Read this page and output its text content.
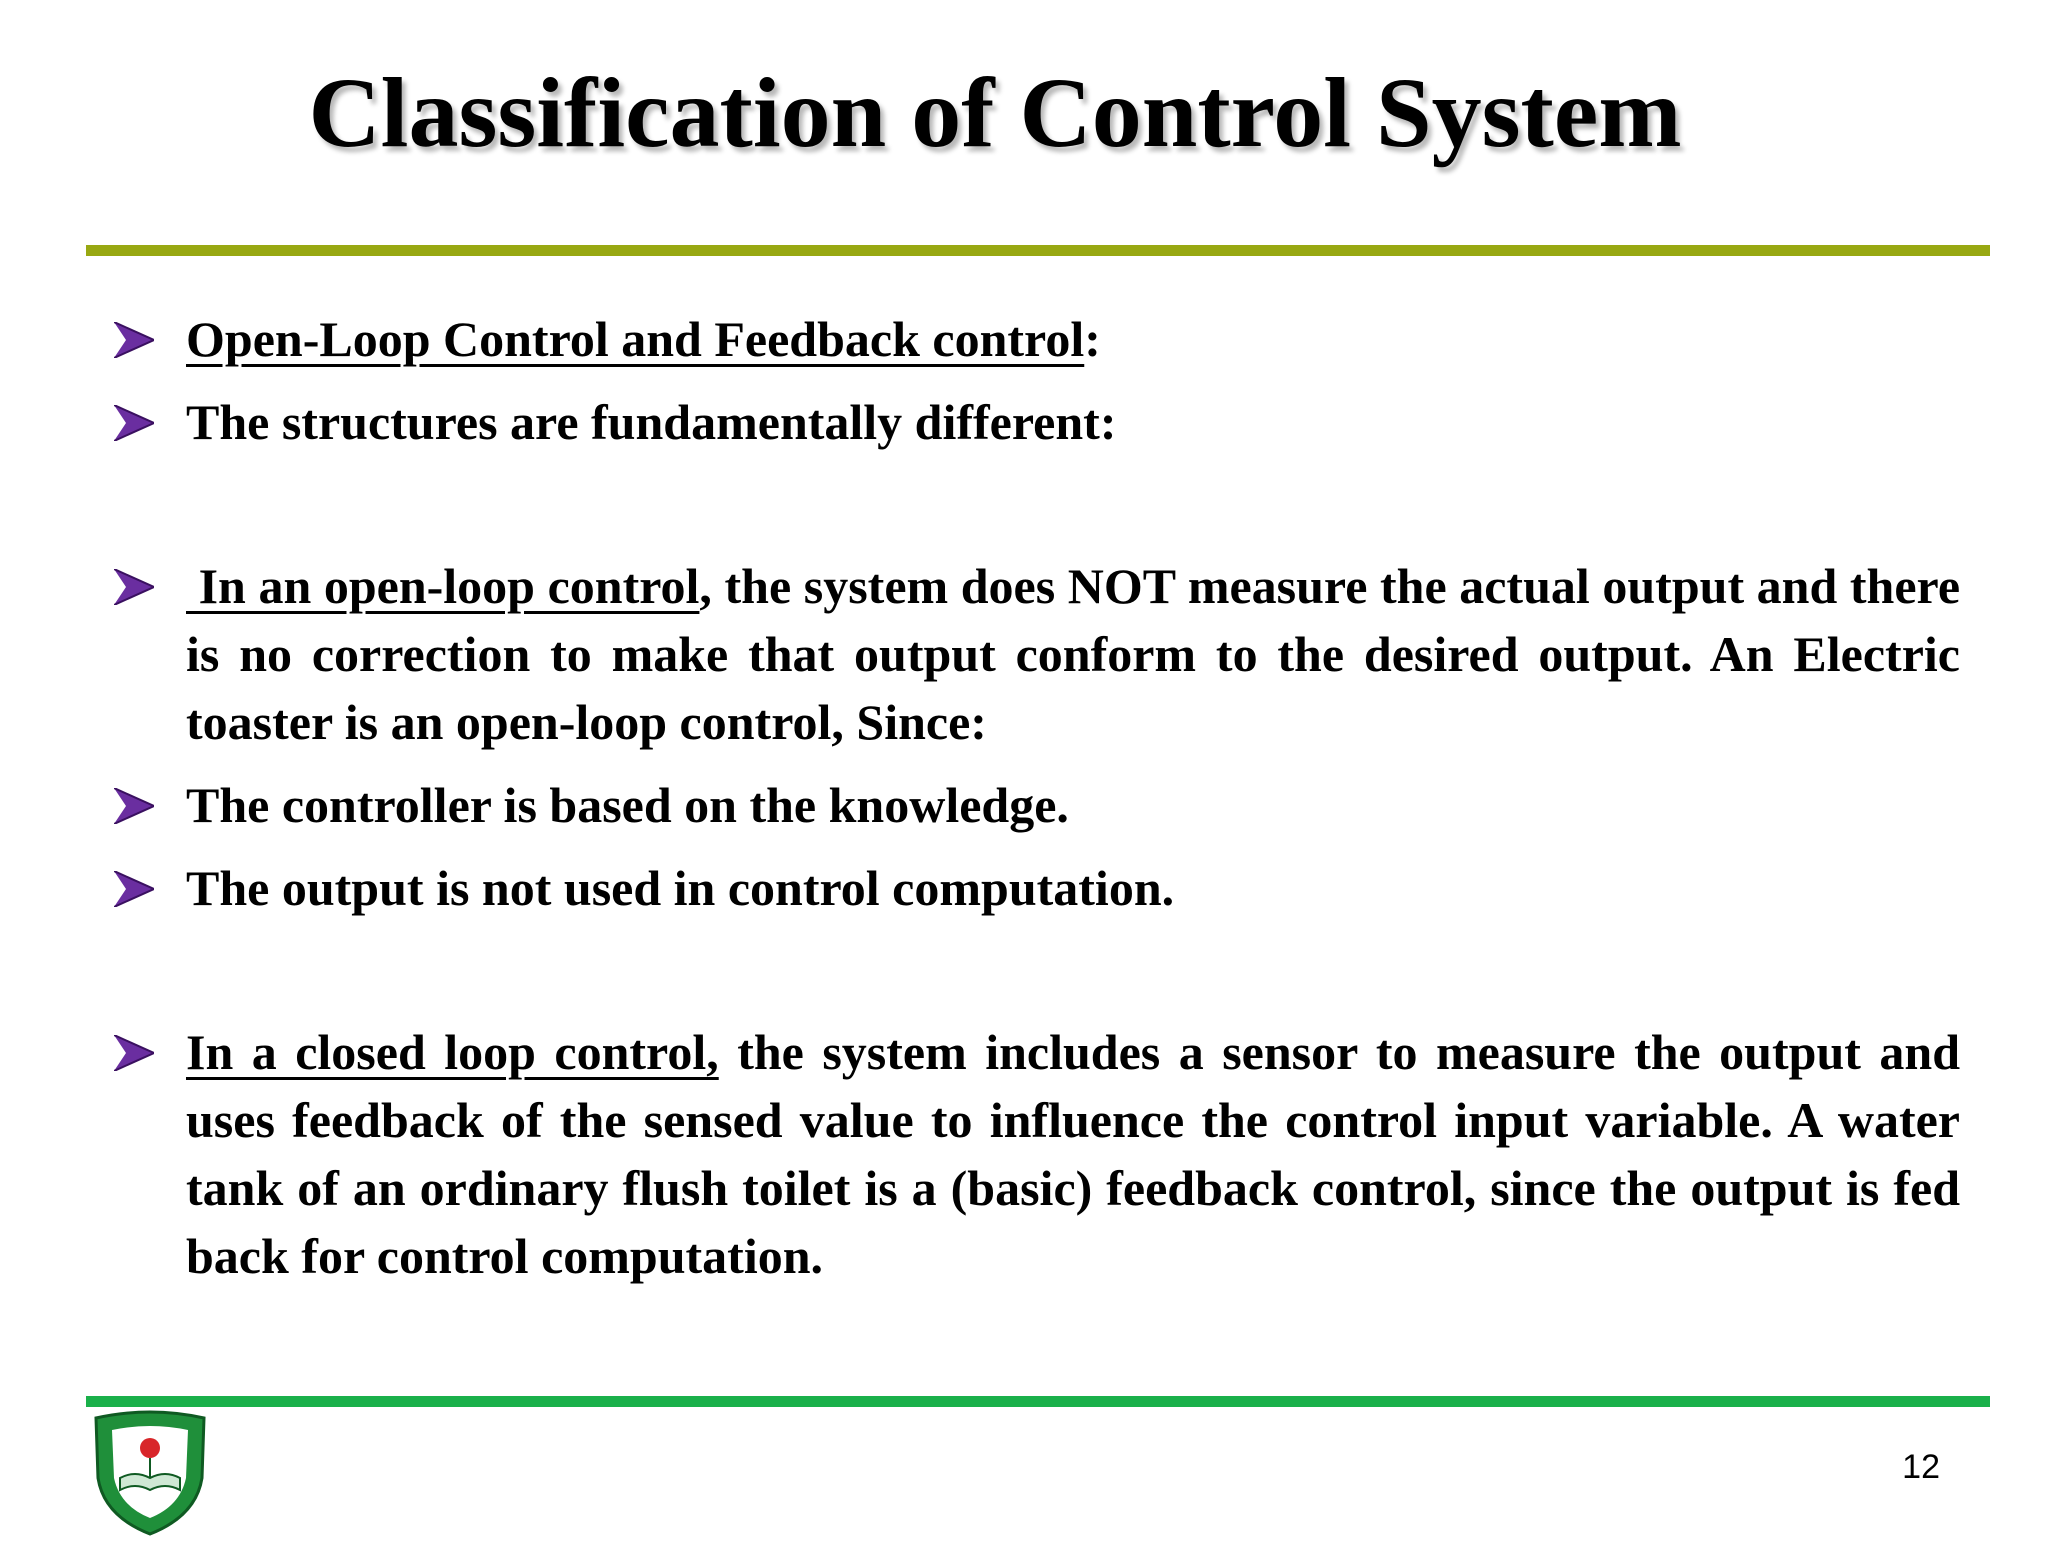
Classification of Control System
Open-Loop Control and Feedback control:
The structures are fundamentally different:
In an open-loop control, the system does NOT measure the actual output and there is no correction to make that output conform to the desired output. An Electric toaster is an open-loop control, Since:
The controller is based on the knowledge.
The output is not used in control computation.
In a closed loop control, the system includes a sensor to measure the output and uses feedback of the sensed value to influence the control input variable. A water tank of an ordinary flush toilet is a (basic) feedback control, since the output is fed back for control computation.
12
